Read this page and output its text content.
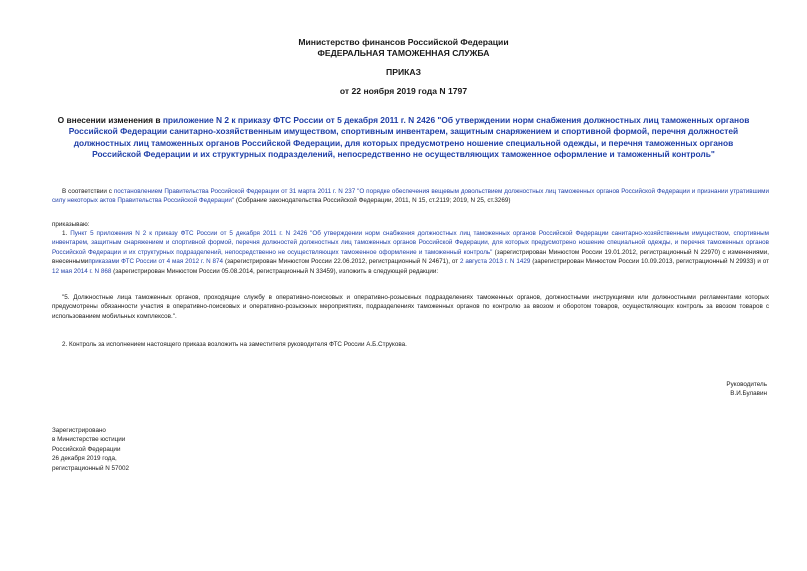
Министерство финансов Российской Федерации
ФЕДЕРАЛЬНАЯ ТАМОЖЕННАЯ СЛУЖБА
ПРИКАЗ
от 22 ноября 2019 года N 1797
О внесении изменения в приложение N 2 к приказу ФТС России от 5 декабря 2011 г. N 2426 "Об утверждении норм снабжения должностных лиц таможенных органов Российской Федерации санитарно-хозяйственным имуществом, спортивным инвентарем, защитным снаряжением и спортивной формой, перечня должностей должностных лиц таможенных органов Российской Федерации, для которых предусмотрено ношение специальной одежды, и перечня таможенных органов Российской Федерации и их структурных подразделений, непосредственно не осуществляющих таможенное оформление и таможенный контроль"
В соответствии с постановлением Правительства Российской Федерации от 31 марта 2011 г. N 237 "О порядке обеспечения вещевым довольствием должностных лиц таможенных органов Российской Федерации и признании утратившими силу некоторых актов Правительства Российской Федерации" (Собрание законодательства Российской Федерации, 2011, N 15, ст.2119; 2019, N 25, ст.3269)
приказываю:
1. Пункт 5 приложения N 2 к приказу ФТС России от 5 декабря 2011 г. N 2426 "Об утверждении норм снабжения должностных лиц таможенных органов Российской Федерации санитарно-хозяйственным имуществом, спортивным инвентарем, защитным снаряжением и спортивной формой, перечня должностей должностных лиц таможенных органов Российской Федерации, для которых предусмотрено ношение специальной одежды, и перечня таможенных органов Российской Федерации и их структурных подразделений, непосредственно не осуществляющих таможенное оформление и таможенный контроль" (зарегистрирован Минюстом России 19.01.2012, регистрационный N 22970) с изменениями, внесеннымиприказами ФТС России от 4 мая 2012 г. N 874 (зарегистрирован Минюстом России 22.06.2012, регистрационный N 24671), от 2 августа 2013 г. N 1429 (зарегистрирован Минюстом России 10.09.2013, регистрационный N 29933) и от 12 мая 2014 г. N 868 (зарегистрирован Минюстом России 05.08.2014, регистрационный N 33459), изложить в следующей редакции:
"5. Должностные лица таможенных органов, проходящие службу в оперативно-поисковых и оперативно-розыскных подразделениях таможенных органов, должностными инструкциями или должностными регламентами которых предусмотрены обязанности участия в оперативно-поисковых и оперативно-розыскных мероприятиях, подразделениях таможенных органов по контролю за ввозом и оборотом товаров, осуществляющих контроль за ввозом товаров с использованием мобильных комплексов.".
2. Контроль за исполнением настоящего приказа возложить на заместителя руководителя ФТС России А.Б.Струкова.
Руководитель
В.И.Булавин
Зарегистрировано
в Министерстве юстиции
Российской Федерации
26 декабря 2019 года,
регистрационный N 57002
